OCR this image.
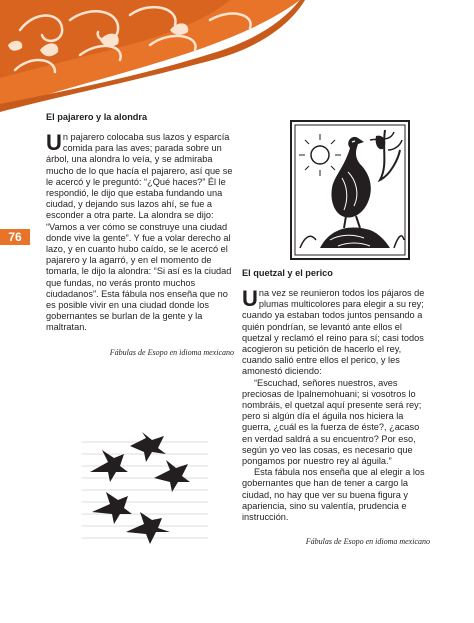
76

El pajarero y la alondra

Un pajarero colocaba sus lazos y esparcía comida para las aves; parada sobre un árbol, una alondra lo veía, y se admiraba mucho de lo que hacía el pajarero, así que se le acercó y le preguntó: “¿Qué haces?” Él le respondió, le dijo que estaba fundando una ciudad, y dejando sus lazos ahí, se fue a esconder a otra parte. La alondra se dijo: “Vamos a ver cómo se construye una ciudad donde vive la gente”. Y fue a volar derecho al lazo, y en cuanto hubo caído, se le acercó el pajarero y la agarró, y en el momento de tomarla, le dijo la alondra: “Si así es la ciudad que fundas, no verás pronto muchos ciudadanos”. Esta fábula nos enseña que no es posible vivir en una ciudad donde los gobernantes se burlan de la gente y la maltratan.

Fábulas de Esopo en idioma mexicano

El quetzal y el perico

Una vez se reunieron todos los pájaros de plumas multicolores para elegir a su rey; cuando ya estaban todos juntos pensando a quién pondrían, se levantó ante ellos el quetzal y reclamó el reino para sí; casi todos acogieron su petición de hacerlo el rey, cuando salió entre ellos el perico, y les amonestó diciendo:
“Escuchad, señores nuestros, aves preciosas de Ipalnemohuani; si vosotros lo nombráis, el quetzal aquí presente será rey; pero si algún día el águila nos hiciera la guerra, ¿cuál es la fuerza de éste?, ¿acaso en verdad saldrá a su encuentro? Por eso, según yo veo las cosas, es necesario que pongamos por nuestro rey al águila.”
Esta fábula nos enseña que al elegir a los gobernantes que han de tener a cargo la ciudad, no hay que ver su buena figura y apariencia, sino su valentía, prudencia e instrucción.

Fábulas de Esopo en idioma mexicano
